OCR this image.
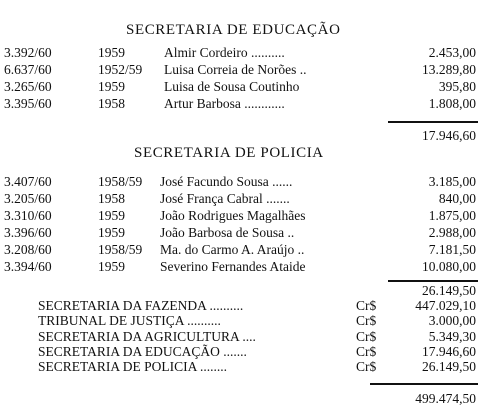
SECRETARIA DE EDUCAÇÃO
3.392/60	1959	Almir Cordeiro ..........	2.453,00
6.637/60	1952/59 Luisa Correia de Norões ..	13.289,80
3.265/60	1959	Luisa de Sousa Coutinho	395,80
3.395/60	1958	Artur Barbosa ............	1.808,00
17.946,60
SECRETARIA DE POLICIA
3.407/60	1958/59 José Facundo Sousa ......	3.185,00
3.205/60	1958	José França Cabral .......	840,00
3.310/60	1959	João Rodrigues Magalhães	1.875,00
3.396/60	1959	João Barbosa de Sousa ..	2.988,00
3.208/60	1958/59 Ma. do Carmo A. Araújo ..	7.181,50
3.394/60	1959	Severino Fernandes Ataide	10.080,00
26.149,50
SECRETARIA DA FAZENDA ..........	Cr$	447.029,10
TRIBUNAL DE JUSTIÇA ..........	Cr$	3.000,00
SECRETARIA DA AGRICULTURA ....	Cr$	5.349,30
SECRETARIA DA EDUCAÇÃO .......	Cr$	17.946,60
SECRETARIA DE POLICIA ........	Cr$	26.149,50
499.474,50
